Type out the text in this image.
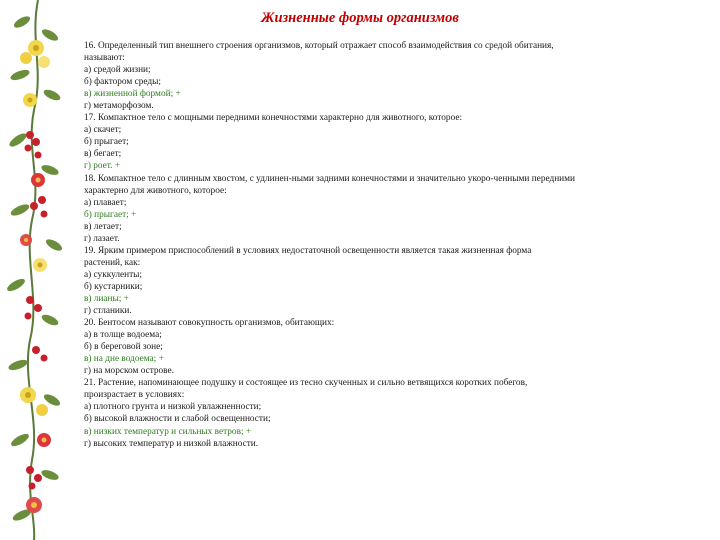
Жизненные формы организмов
16. Определенный тип внешнего строения организмов, который отражает способ взаимодействия со средой обитания,
называют:
а) средой жизни;
б) фактором среды;
в) жизненной формой; +
г) метаморфозом.
17. Компактное тело с мощными передними конечностями характерно для животного, которое:
а) скачет;
б) прыгает;
в) бегает;
г) роет. +
18. Компактное тело с длинным хвостом, с удлинен-ными задними конечностями и значительно укоро-ченными передними
характерно для животного, которое:
а) плавает;
б) прыгает; +
в) летает;
г) лазает.
19. Ярким примером приспособлений в условиях недостаточной освещенности является такая жизненная форма
растений, как:
а) суккуленты;
б) кустарники;
в) лианы; +
г) стланики.
20. Бентосом называют совокупность организмов, обитающих:
а) в толще водоема;
б) в береговой зоне;
в) на дне водоема; +
г) на морском острове.
21. Растение, напоминающее подушку и состоящее из тесно скученных и сильно ветвящихся коротких побегов,
произрастает в условиях:
а) плотного грунта и низкой увлажненности;
б) высокой влажности и слабой освещенности;
в) низких температур и сильных ветров; +
г) высоких температур и низкой влажности.
